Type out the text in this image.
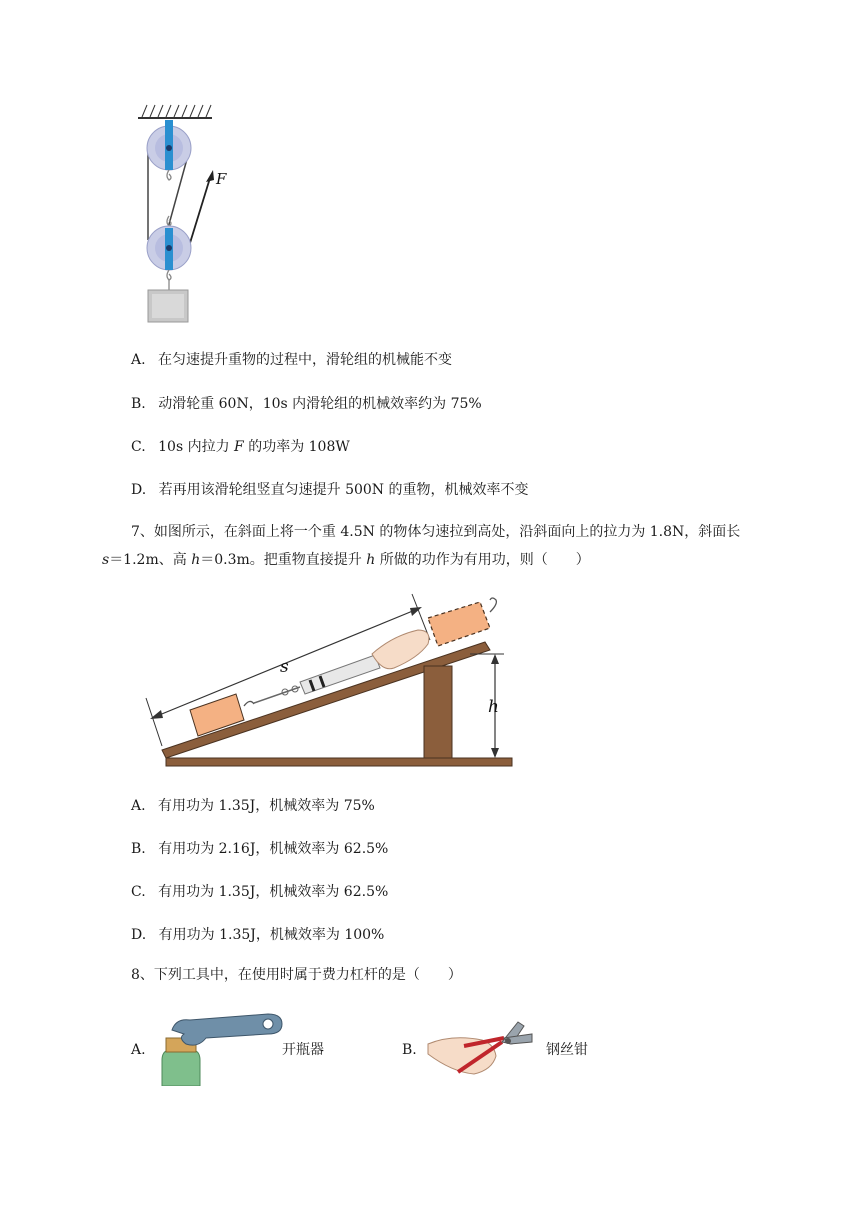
F
A. 在匀速提升重物的过程中，滑轮组的机械能不变
B. 动滑轮重 60N，10s 内滑轮组的机械效率约为 75%
C. 10s 内拉力 F 的功率为 108W
D. 若再用该滑轮组竖直匀速提升 500N 的重物，机械效率不变
7、如图所示，在斜面上将一个重 4.5N 的物体匀速拉到高处，沿斜面向上的拉力为 1.8N，斜面长
s＝1.2m、高 h＝0.3m。把重物直接提升 h 所做的功作为有用功，则（　　）
h
s
A. 有用功为 1.35J，机械效率为 75%
B. 有用功为 2.16J，机械效率为 62.5%
C. 有用功为 1.35J，机械效率为 62.5%
D. 有用功为 1.35J，机械效率为 100%
8、下列工具中，在使用时属于费力杠杆的是（　　）
A.	开瓶器	B.	钢丝钳
